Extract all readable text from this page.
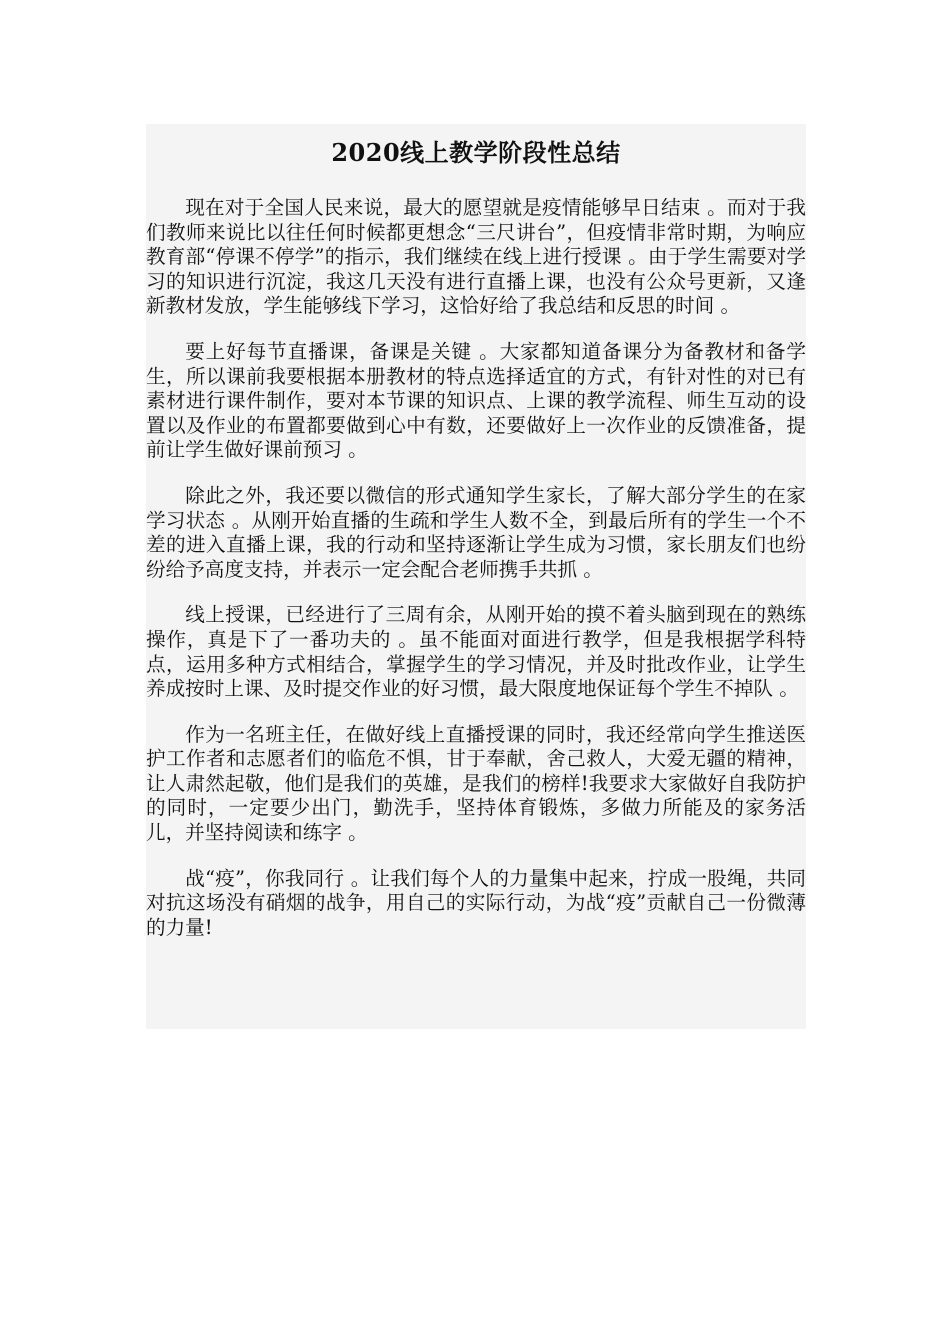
2020线上教学阶段性总结

现在对于全国人民来说，最大的愿望就是疫情能够早日结束 。而对于我们教师来说比以往任何时候都更想念“三尺讲台”，但疫情非常时期，为响应教育部“停课不停学”的指示，我们继续在线上进行授课 。由于学生需要对学习的知识进行沉淀，我这几天没有进行直播上课，也没有公众号更新，又逢新教材发放，学生能够线下学习，这恰好给了我总结和反思的时间 。

要上好每节直播课，备课是关键 。大家都知道备课分为备教材和备学生，所以课前我要根据本册教材的特点选择适宜的方式，有针对性的对已有素材进行课件制作，要对本节课的知识点、上课的教学流程、师生互动的设置以及作业的布置都要做到心中有数，还要做好上一次作业的反馈准备，提前让学生做好课前预习 。

除此之外，我还要以微信的形式通知学生家长，了解大部分学生的在家学习状态 。从刚开始直播的生疏和学生人数不全，到最后所有的学生一个不差的进入直播上课，我的行动和坚持逐渐让学生成为习惯，家长朋友们也纷纷给予高度支持，并表示一定会配合老师携手共抓 。

线上授课，已经进行了三周有余，从刚开始的摸不着头脑到现在的熟练操作，真是下了一番功夫的 。虽不能面对面进行教学，但是我根据学科特点，运用多种方式相结合，掌握学生的学习情况，并及时批改作业，让学生养成按时上课、及时提交作业的好习惯，最大限度地保证每个学生不掉队 。

作为一名班主任，在做好线上直播授课的同时，我还经常向学生推送医护工作者和志愿者们的临危不惧，甘于奉献，舍己救人，大爱无疆的精神，让人肃然起敬，他们是我们的英雄，是我们的榜样!我要求大家做好自我防护的同时，一定要少出门，勤洗手，坚持体育锻炼，多做力所能及的家务活儿，并坚持阅读和练字 。

战“疫”，你我同行 。让我们每个人的力量集中起来，拧成一股绳，共同对抗这场没有硝烟的战争，用自己的实际行动，为战“疫”贡献自己一份微薄的力量!
